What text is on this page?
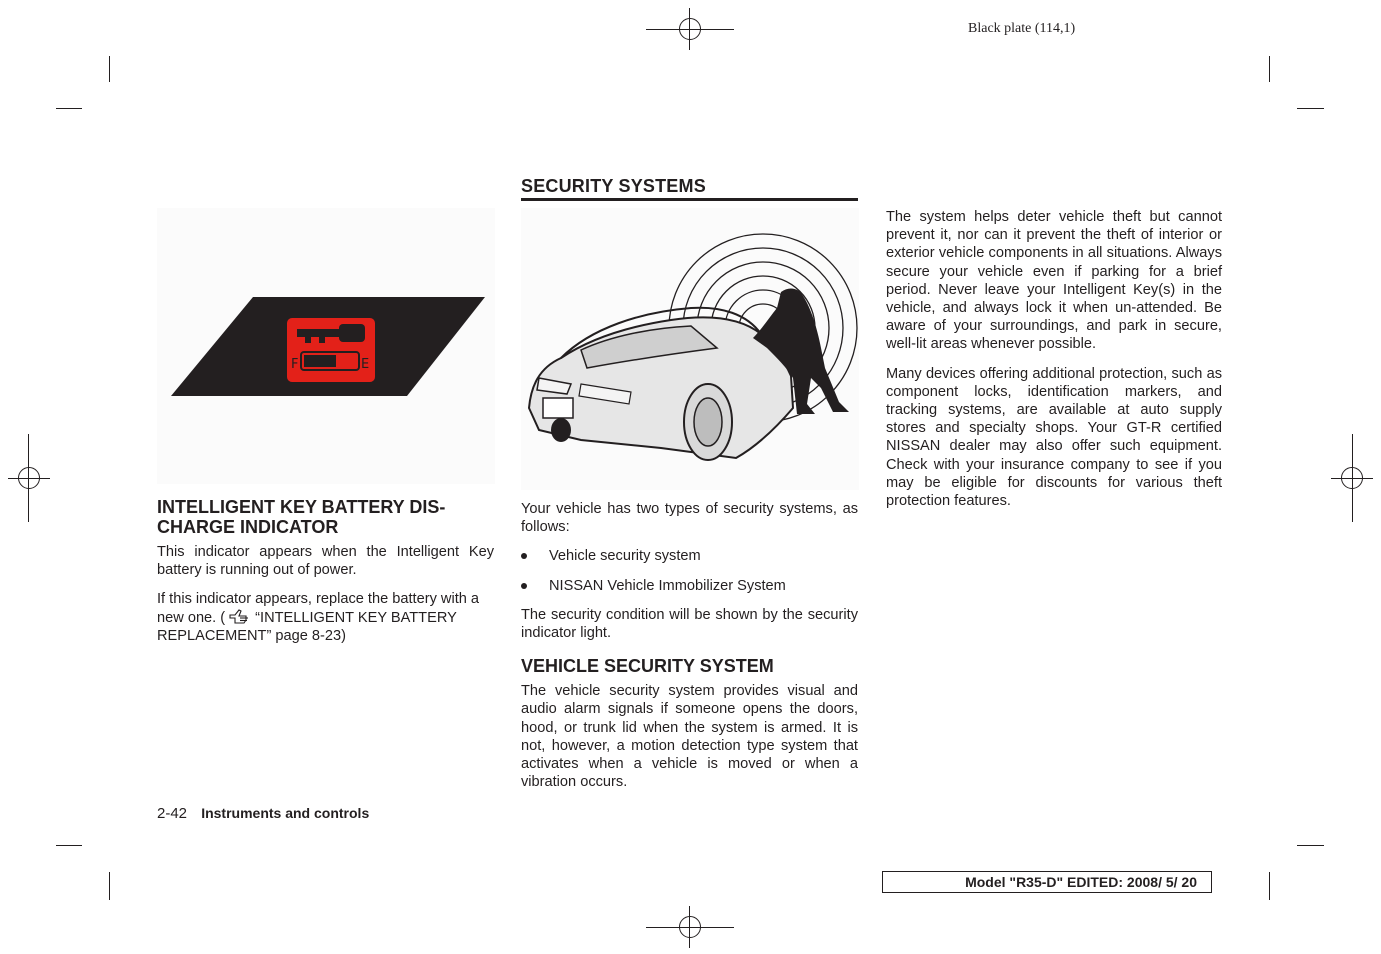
Black plate (114,1)
F	E
INTELLIGENT KEY BATTERY DIS-
CHARGE INDICATOR

This indicator appears when the Intelligent Key battery is running out of power.

If this indicator appears, replace the battery with a new one. ( “INTELLIGENT KEY BATTERY REPLACEMENT” page 8-23)

SECURITY SYSTEMS

Your vehicle has two types of security systems, as follows:

Vehicle security system
NISSAN Vehicle Immobilizer System

The security condition will be shown by the security indicator light.

VEHICLE SECURITY SYSTEM

The vehicle security system provides visual and audio alarm signals if someone opens the doors, hood, or trunk lid when the system is armed. It is not, however, a motion detection type system that activates when a vehicle is moved or when a vibration occurs.

The system helps deter vehicle theft but cannot prevent it, nor can it prevent the theft of interior or exterior vehicle components in all situations. Always secure your vehicle even if parking for a brief period. Never leave your Intelligent Key(s) in the vehicle, and always lock it when un-attended. Be aware of your surroundings, and park in secure, well-lit areas whenever possible.

Many devices offering additional protection, such as component locks, identification markers, and tracking systems, are available at auto supply stores and specialty shops. Your GT-R certified NISSAN dealer may also offer such equipment. Check with your insurance company to see if you may be eligible for discounts for various theft protection features.

2-42 Instruments and controls
Model "R35-D" EDITED: 2008/ 5/ 20
